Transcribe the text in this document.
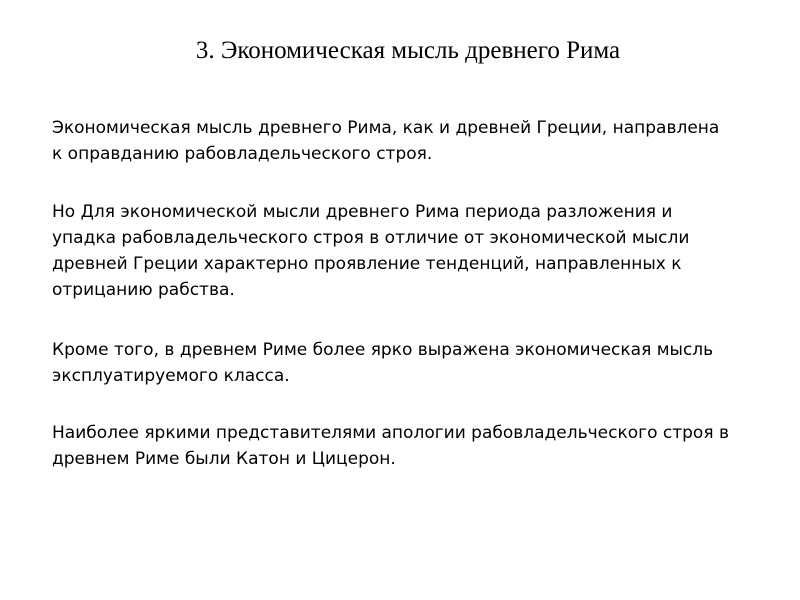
3. Экономическая мысль древнего Рима

Экономическая мысль древнего Рима, как и древней Греции, направлена
к оправданию рабовладельческого строя.

Но Для экономической мысли древнего Рима периода разложения и
упадка рабовладельческого строя в отличие от экономической мысли
древней Греции характерно проявление тенденций, направленных к
отрицанию рабства.

Кроме того, в древнем Риме более ярко выражена экономическая мысль
эксплуатируемого класса.

Наиболее яркими представителями апологии рабовладельческого строя в
древнем Риме были Катон и Цицерон.
